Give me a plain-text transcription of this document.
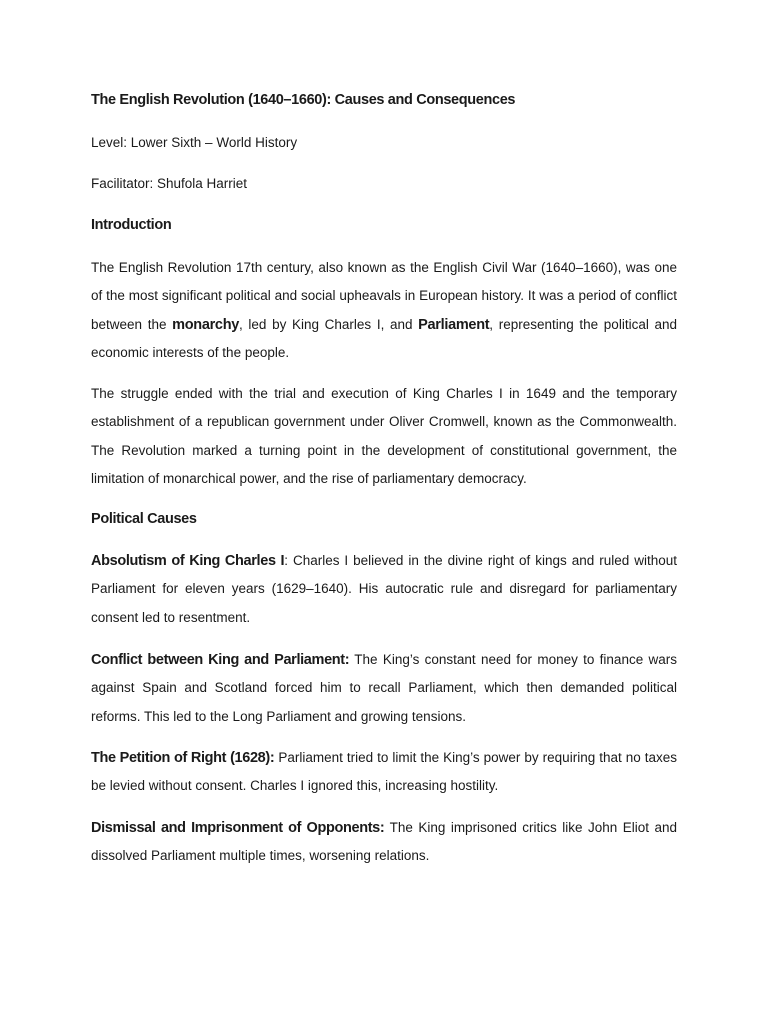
The English Revolution (1640–1660): Causes and Consequences
Level: Lower Sixth – World History
Facilitator: Shufola Harriet
Introduction

The English Revolution 17th century, also known as the English Civil War (1640–1660), was one of the most significant political and social upheavals in European history. It was a period of conflict between the monarchy, led by King Charles I, and Parliament, representing the political and economic interests of the people.

The struggle ended with the trial and execution of King Charles I in 1649 and the temporary establishment of a republican government under Oliver Cromwell, known as the Commonwealth. The Revolution marked a turning point in the development of constitutional government, the limitation of monarchical power, and the rise of parliamentary democracy.

Political Causes

Absolutism of King Charles I: Charles I believed in the divine right of kings and ruled without Parliament for eleven years (1629–1640). His autocratic rule and disregard for parliamentary consent led to resentment.

Conflict between King and Parliament: The King’s constant need for money to finance wars against Spain and Scotland forced him to recall Parliament, which then demanded political reforms. This led to the Long Parliament and growing tensions.

The Petition of Right (1628): Parliament tried to limit the King’s power by requiring that no taxes be levied without consent. Charles I ignored this, increasing hostility.

Dismissal and Imprisonment of Opponents: The King imprisoned critics like John Eliot and dissolved Parliament multiple times, worsening relations.
